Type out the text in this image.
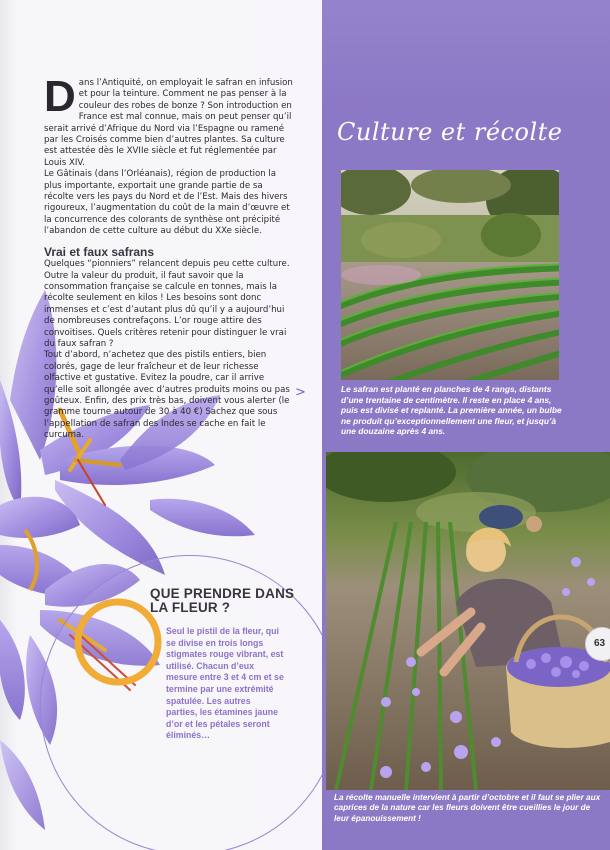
Dans l’Antiquité, on employait le safran en infusion et pour la teinture. Comment ne pas penser à la couleur des robes de bonze ? Son introduction en France est mal connue, mais on peut penser qu’il serait arrivé d’Afrique du Nord via l’Espagne ou ramené par les Croisés comme bien d’autres plantes. Sa culture est attestée dès le XVIIe siècle et fut réglementée par Louis XIV.

Le Gâtinais (dans l’Orléanais), région de production la plus importante, exportait une grande partie de sa récolte vers les pays du Nord et de l’Est. Mais des hivers rigoureux, l’augmentation du coût de la main d’œuvre et la concurrence des colorants de synthèse ont précipité l’abandon de cette culture au début du XXe siècle.

Vrai et faux safrans

Quelques “pionniers” relancent depuis peu cette culture. Outre la valeur du produit, il faut savoir que la consommation française se calcule en tonnes, mais la récolte seulement en kilos ! Les besoins sont donc immenses et c’est d’autant plus dû qu’il y a aujourd’hui de nombreuses contrefaçons. L’or rouge attire des convoitises. Quels critères retenir pour distinguer le vrai du faux safran ?

Tout d’abord, n’achetez que des pistils entiers, bien colorés, gage de leur fraîcheur et de leur richesse olfactive et gustative. Evitez la poudre, car il arrive qu’elle soit allongée avec d’autres produits moins ou pas goûteux. Enfin, des prix très bas, doivent vous alerter (le gramme tourne autour de 30 à 40 €) Sachez que sous l’appellation de safran des Indes se cache en fait le curcuma.

>
QUE PRENDRE DANS LA FLEUR ?
Seul le pistil de la fleur, qui se divise en trois longs stigmates rouge vibrant, est utilisé. Chacun d’eux mesure entre 3 et 4 cm et se termine par une extrémité spatulée. Les autres parties, les étamines jaune d’or et les pétales seront éliminés…
Culture et récolte
Le safran est planté en planches de 4 rangs, distants d’une trentaine de centimètre. Il reste en place 4 ans, puis est divisé et replanté. La première année, un bulbe ne produit qu’exceptionnellement une fleur, et jusqu’à une douzaine après 4 ans.
La récolte manuelle intervient à partir d’octobre et il faut se plier aux caprices de la nature car les fleurs doivent être cueillies le jour de leur épanouissement !
63
